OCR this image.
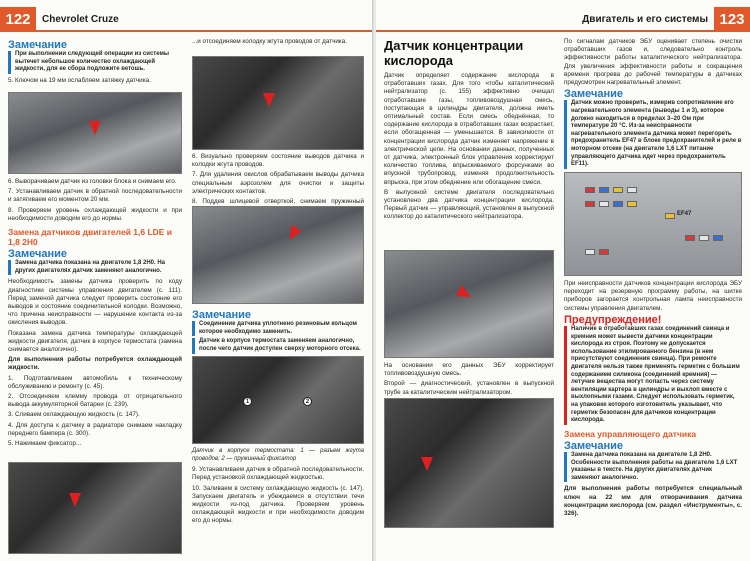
122	Chevrolet Cruze
Замечание
При выполнении следующей операции из системы вытечет небольшое количество охлаждающей жидкости, для ее сбора подложите ветошь.

5. Ключом на 19 мм ослабляем затяжку датчика.

6. Выворачиваем датчик из головки блока и снимаем его.

7. Устанавливаем датчик в обратной последовательности и затягиваем его моментом 20 мм.

8. Проверяем уровень охлаждающей жидкости и при необходимости доводим его до нормы.

Замена датчиков двигателей 1,6 LDE и 1,8 2H0
Замечание
Замена датчика показана на двигателе 1,8 2H0. На других двигателях датчик заменяют аналогично.

Необходимость замены датчика проверить по коду диагностики системы управления двигателем (с. 111). Перед заменой датчика следует проверить состояние его выводов и состояние соединительной колодки. Возможно, что причина неисправности — нарушение контакта из-за окисления выводов.

Показана замена датчика температуры охлаждающей жидкости двигателя, датчик в корпусе термостата (замена снимается аналогично).

Для выполнения работы потребуется охлаждающей жидкости.

1. Подготавливаем автомобиль к техническому обслуживанию и ремонту (с. 45).

2. Отсоединяем клемму провода от отрицательного вывода аккумуляторной батареи (с. 239).

3. Сливаем охлаждающую жидкость (с. 147).

4. Для доступа к датчику в радиаторе снимаем накладку переднего бампера (с. 300).

5. Нажимаем фиксатор...

...и отсоединяем колодку жгута проводов от датчика.

6. Визуально проверяем состояние выводов датчика и колодки жгута проводов.

7. Для удаления окислов обрабатываем выводы датчика специальным аэрозолем для очистки и защиты электрических контактов.

8. Поддев шлицевой отверткой, снимаем пружинный

Замечание
Соединение датчика уплотнено резиновым кольцом которое необходимо заменить.
Датчик в корпусе термостата заменяем аналогично, после чего датчик доступен сверху моторного отсека.
1	2

Датчик в корпусе термостата: 1 — разъем жгута проводов; 2 — пружинный фиксатор

9. Устанавливаем датчик в обратной последовательности. Перед установкой охлаждающей жидкостью.

10. Заливаем в систему охлаждающую жидкость (с. 147). Запускаем двигатель и убеждаемся в отсутствии течи жидкости из-под датчика. Проверяем уровень охлаждающей жидкости и при необходимости доводим его до нормы.

Двигатель и его системы 123
Датчик концентрации кислорода

Датчик определяет содержание кислорода в отработавших газах. Для того чтобы каталитический нейтрализатор (с. 155) эффективно очищал отработавшие газы, топливовоздушная смесь, поступающая в цилиндры двигателя, должна иметь оптимальный состав. Если смесь обеднённая, то содержание кислорода в отработавших газах возрастает, если обогащенная — уменьшается. В зависимости от концентрации кислорода датчик изменяет напряжение в электрической цепи. На основании данных, полученных от датчика, электронный блок управления корректирует количество топлива, впрыскиваемого форсунками во впускной трубопровод, изменяя продолжительность впрыска, при этом обеднение или обогащение смеси.

В выпускной системе двигателя последовательно установлено два датчика концентрации кислорода. Первый датчик — управляющий, установлен в выпускной коллектор до каталитического нейтрализатора.

На основании его данных ЭБУ корректирует топливовоздушную смесь.

Второй — диагностический, установлен в выпускной трубе за каталитическим нейтрализатором.

По сигналам датчиков ЭБУ оценивает степень очистки отработавших газов и, следовательно контроль эффективности работы каталитического нейтрализатора. Для увеличения эффективности работы и сокращения времени прогрева до рабочей температуры в датчиках предусмотрен нагревательный элемент.

Замечание
Датчик можно проверить, измерив сопротивление его нагревательного элемента (выводы 1 и 3), которое должно находиться в пределах 3–20 Ом при температуре 20 °С. Из-за неисправности нагревательного элемента датчика может перегореть предохранитель EF47 в блоке предохранителей и реле в моторном отсеке (на двигателе 1,6 LXT питание управляющего датчика идет через предохранитель EF11).
EF47

При неисправности датчиков концентрации кислорода ЭБУ переходит на резервную программу работы, на шитке приборов загорается контрольная лампа неисправности системы управления двигателем.

Предупреждение!
Наличие в отработавших газах соединений свинца и кремния может вывести датчики концентрации кислорода из строя. Поэтому не допускается использование этилированного бензина (в нем присутствуют соединения свинца). При ремонте двигателя нельзя также применять герметик с большим содержанием силикона (соединений кремния) — летучие вещества могут попасть через систему вентиляции картера в цилиндры и выхлоп вместе с выхлопными газами. Следует использовать герметик, на упаковке которого изготовитель указывает, что герметик безопасен для датчиков концентрации кислорода.
Замена управляющего датчика
Замечание
Замена датчика показана на двигателе 1,8 2H0. Особенности выполнения работы на двигателе 1,6 LXT указаны в тексте. На других двигателях датчик заменяют аналогично.

Для выполнения работы потребуется специальный ключ на 22 мм для отворачивания датчика концентрации кислорода (см. раздел «Инструменты», с. 326).
